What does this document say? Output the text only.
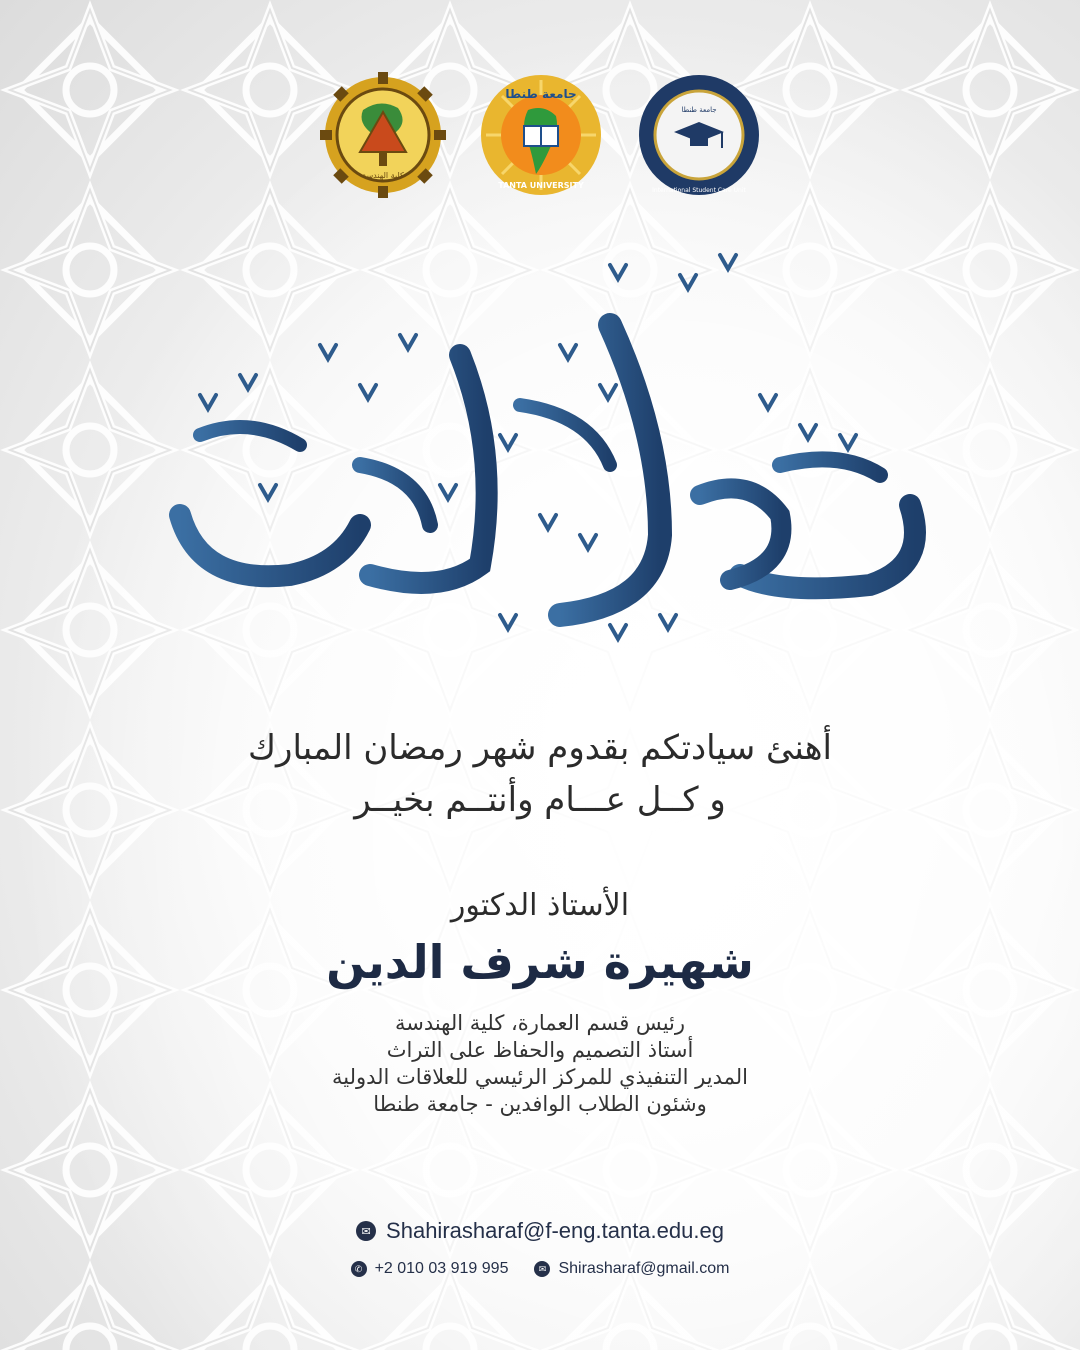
كلية الهندسة
جامعة طنطا
TANTA UNIVERSITY
جامعة طنطا
International Student Care Unit
رمضان كريم
أهنئ سيادتكم بقدوم شهر رمضان المبارك
و كــل عـــام وأنتــم بخيــر
الأستاذ الدكتور
شهيرة شرف الدين
رئيس قسم العمارة، كلية الهندسة
أستاذ التصميم والحفاظ على التراث
المدير التنفيذي للمركز الرئيسي للعلاقات الدولية
وشئون الطلاب الوافدين - جامعة طنطا
✉ Shahirasharaf@f-eng.tanta.edu.eg
✆ +2 010 03 919 995	✉ Shirasharaf@gmail.com
